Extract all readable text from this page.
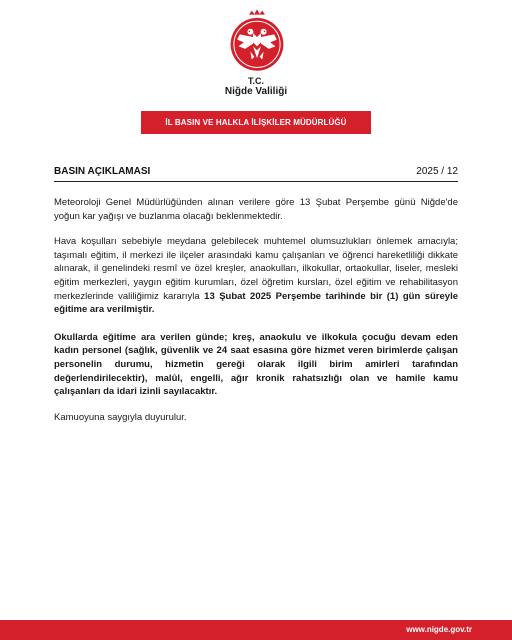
T.C.
Niğde Valiliği
İL BASIN VE HALKLA İLİŞKİLER MÜDÜRLÜĞÜ
BASIN AÇIKLAMASI	2025 / 12

Meteoroloji Genel Müdürlüğünden alınan verilere göre 13 Şubat Perşembe günü Niğde'de yoğun kar yağışı ve buzlanma olacağı beklenmektedir.

Hava koşulları sebebiyle meydana gelebilecek muhtemel olumsuzlukları önlemek amacıyla; taşımalı eğitim, il merkezi ile ilçeler arasındaki kamu çalışanları ve öğrenci hareketliliği dikkate alınarak, il genelindeki resmî ve özel kreşler, anaokulları, ilkokullar, ortaokullar, liseler, mesleki eğitim merkezleri, yaygın eğitim kurumları, özel öğretim kursları, özel eğitim ve rehabilitasyon merkezlerinde valiliğimiz kararıyla 13 Şubat 2025 Perşembe tarihinde bir (1) gün süreyle eğitime ara verilmiştir.

Okullarda eğitime ara verilen günde; kreş, anaokulu ve ilkokula çocuğu devam eden kadın personel (sağlık, güvenlik ve 24 saat esasına göre hizmet veren birimlerde çalışan personelin durumu, hizmetin gereği olarak ilgili birim amirleri tarafından değerlendirilecektir), malûl, engelli, ağır kronik rahatsızlığı olan ve hamile kamu çalışanları da idari izinli sayılacaktır.

Kamuoyuna saygıyla duyurulur.

www.nigde.gov.tr
